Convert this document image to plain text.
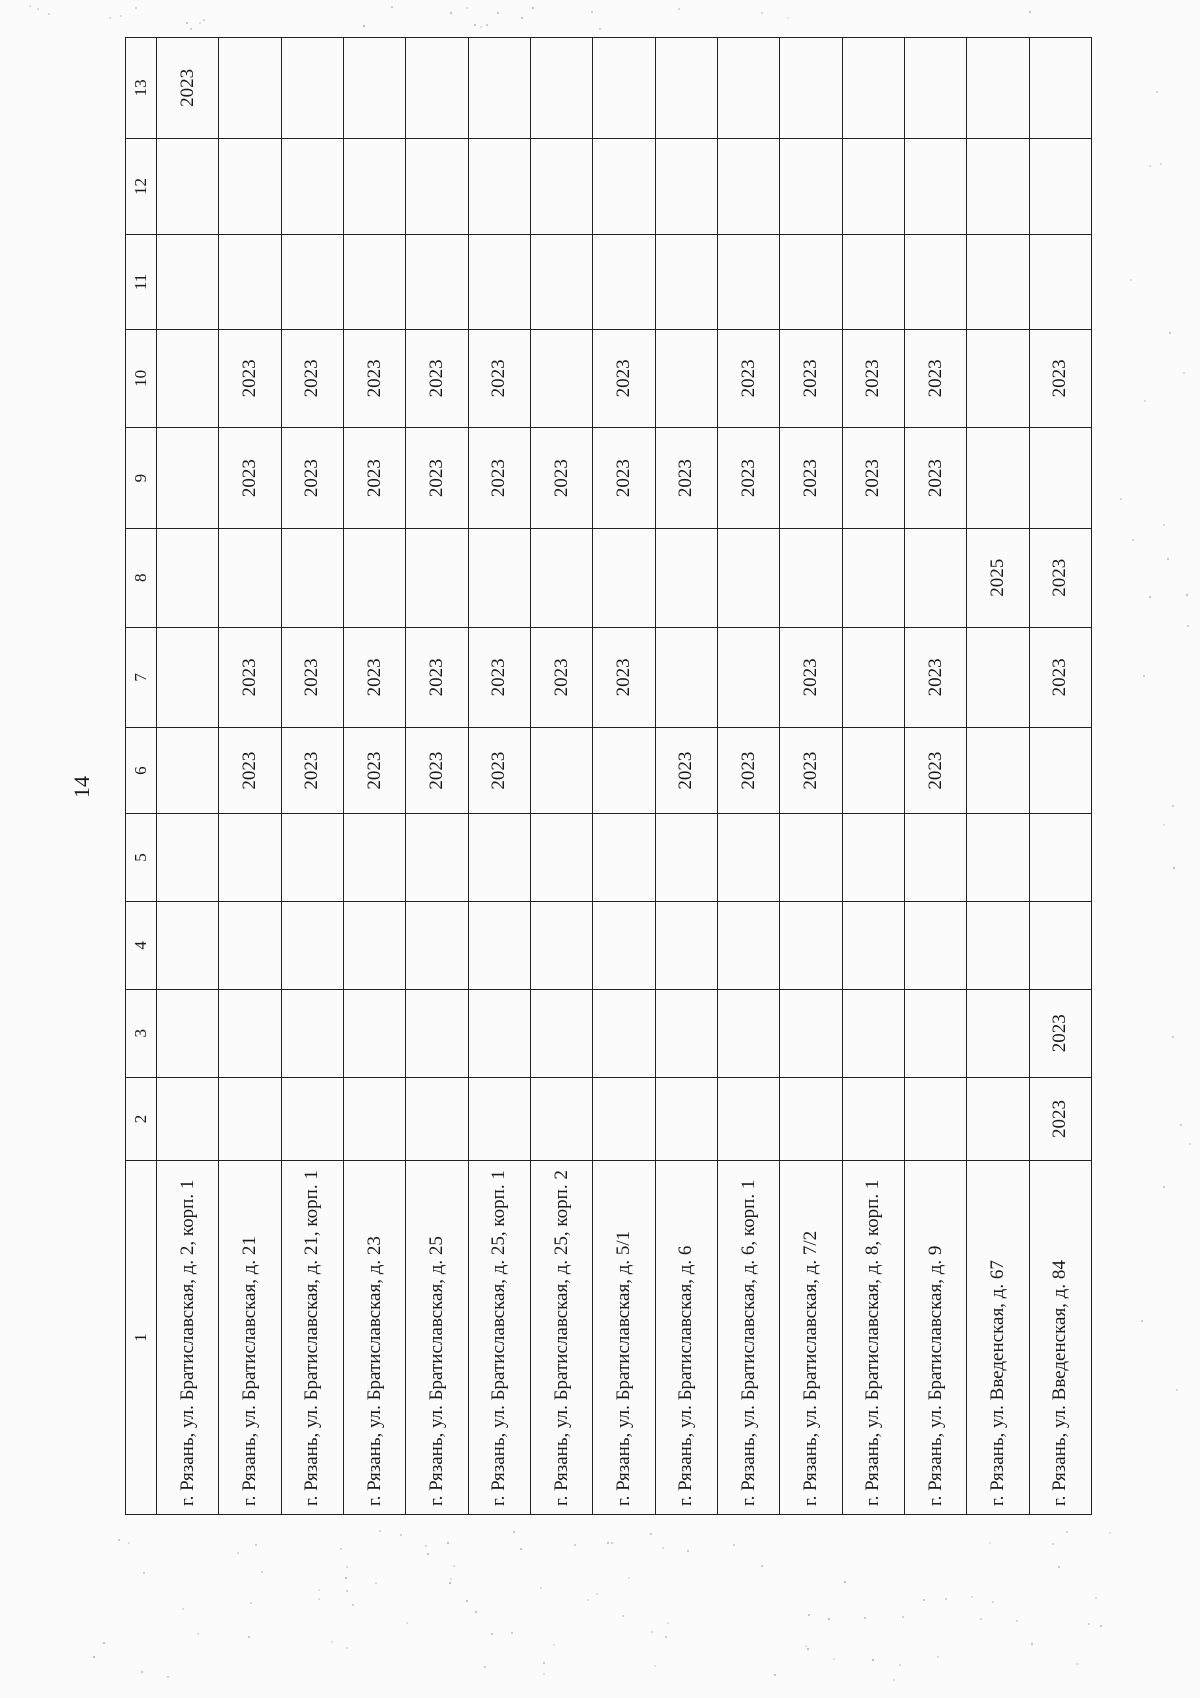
14
1	2	3	4	5	6	7	8	9	10	11	12	13
г. Рязань, ул. Братиславская, д. 2, корп. 1												2023
г. Рязань, ул. Братиславская, д. 21					2023	2023		2023	2023			
г. Рязань, ул. Братиславская, д. 21, корп. 1					2023	2023		2023	2023			
г. Рязань, ул. Братиславская, д. 23					2023	2023		2023	2023			
г. Рязань, ул. Братиславская, д. 25					2023	2023		2023	2023			
г. Рязань, ул. Братиславская, д. 25, корп. 1					2023	2023		2023	2023			
г. Рязань, ул. Братиславская, д. 25, корп. 2						2023		2023				
г. Рязань, ул. Братиславская, д. 5/1						2023		2023	2023			
г. Рязань, ул. Братиславская, д. 6					2023			2023				
г. Рязань, ул. Братиславская, д. 6, корп. 1					2023			2023	2023			
г. Рязань, ул. Братиславская, д. 7/2					2023	2023		2023	2023			
г. Рязань, ул. Братиславская, д. 8, корп. 1								2023	2023			
г. Рязань, ул. Братиславская, д. 9					2023	2023		2023	2023			
г. Рязань, ул. Введенская, д. 67							2025					
г. Рязань, ул. Введенская, д. 84	2023	2023				2023	2023		2023			
